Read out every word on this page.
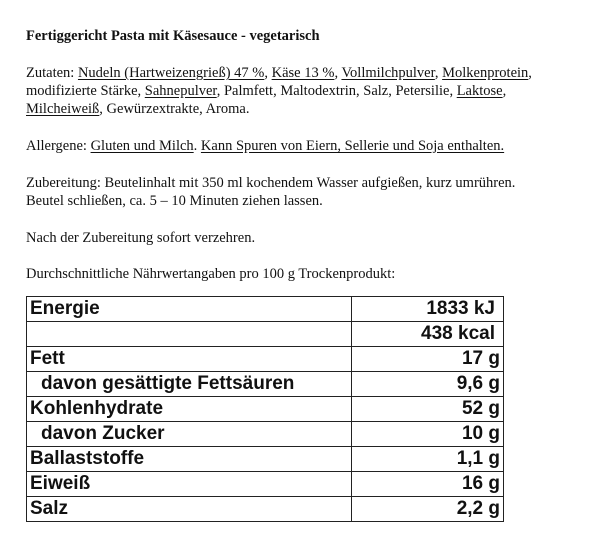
Fertiggericht Pasta mit Käsesauce - vegetarisch
Zutaten: Nudeln (Hartweizengrieß) 47 %, Käse 13 %, Vollmilchpulver, Molkenprotein,
modifizierte Stärke, Sahnepulver, Palmfett, Maltodextrin, Salz, Petersilie, Laktose,
Milcheiweiß, Gewürzextrakte, Aroma.
Allergene: Gluten und Milch. Kann Spuren von Eiern, Sellerie und Soja enthalten.
Zubereitung: Beutelinhalt mit 350 ml kochendem Wasser aufgießen, kurz umrühren.
Beutel schließen, ca. 5 – 10 Minuten ziehen lassen.
Nach der Zubereitung sofort verzehren.
Durchschnittliche Nährwertangaben pro 100 g Trockenprodukt:
Energie	1833 kJ
	438 kcal
Fett	17 g
davon gesättigte Fettsäuren	9,6 g
Kohlenhydrate	52 g
davon Zucker	10 g
Ballaststoffe	1,1 g
Eiweiß	16 g
Salz	2,2 g
